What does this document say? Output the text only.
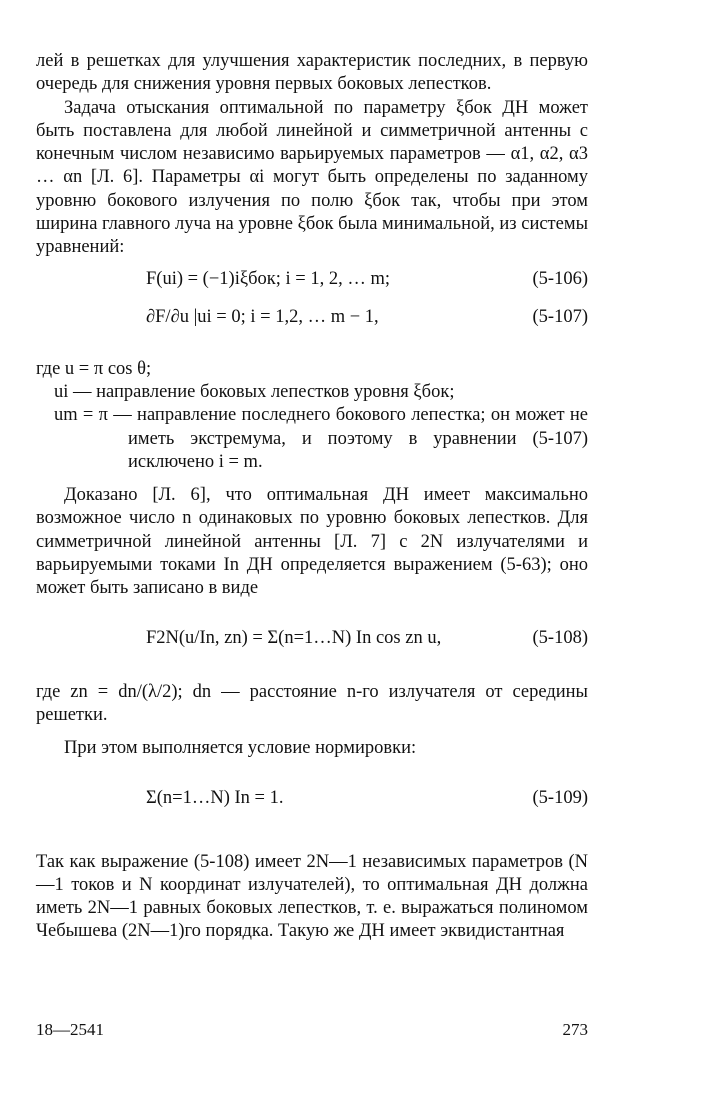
лей в решетках для улучшения характеристик последних, в первую очередь для снижения уровня первых боковых лепестков.

Задача отыскания оптимальной по параметру ξбок ДН может быть поставлена для любой линейной и симметричной антенны с конечным числом независимо варьируемых параметров — α1, α2, α3 … αn [Л. 6]. Параметры αi могут быть определены по заданному уровню бокового излучения по полю ξбок так, чтобы при этом ширина главного луча на уровне ξбок была минимальной, из системы уравнений:

F(ui) = (−1)iξбок; i = 1, 2, … m;	(5-106)
∂F/∂u |ui = 0; i = 1,2, … m − 1,	(5-107)

где u = π cos θ;

ui — направление боковых лепестков уровня ξбок;

um = π — направление последнего бокового лепестка; он может не иметь экстремума, и поэтому в уравнении (5-107) исключено i = m.

Доказано [Л. 6], что оптимальная ДН имеет максимально возможное число n одинаковых по уровню боковых лепестков. Для симметричной линейной антенны [Л. 7] с 2N излучателями и варьируемыми токами In ДН определяется выражением (5-63); оно может быть записано в виде

F2N(u/In, zn) = Σ(n=1…N) In cos zn u,	(5-108)

где zn = dn/(λ/2); dn — расстояние n-го излучателя от середины решетки.

При этом выполняется условие нормировки:

Σ(n=1…N) In = 1.	(5-109)

Так как выражение (5-108) имеет 2N—1 независимых параметров (N—1 токов и N координат излучателей), то оптимальная ДН должна иметь 2N—1 равных боковых лепестков, т. е. выражаться полиномом Чебышева (2N—1)го порядка. Такую же ДН имеет эквидистантная

18—2541	273
